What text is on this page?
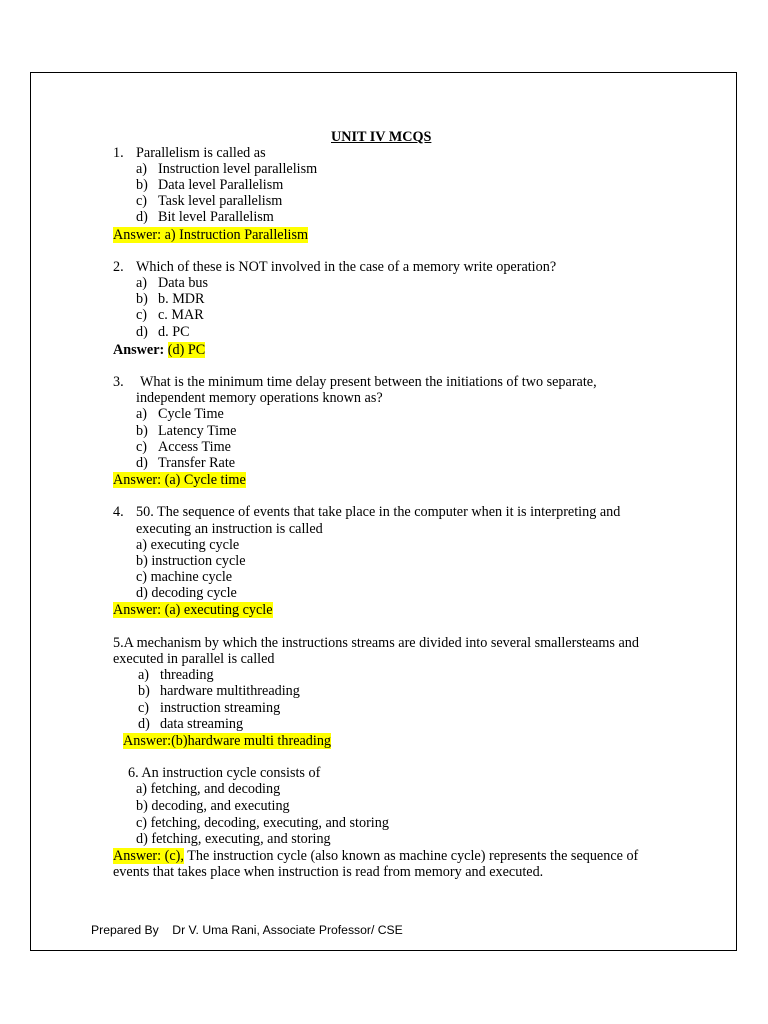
UNIT IV MCQS
1. Parallelism is called as
a) Instruction level parallelism
b) Data level Parallelism
c) Task level parallelism
d) Bit level Parallelism
Answer: a) Instruction Parallelism
2. Which of these is NOT involved in the case of a memory write operation?
a) Data bus
b) b. MDR
c) c. MAR
d) d. PC
Answer: (d) PC
3. What is the minimum time delay present between the initiations of two separate,
independent memory operations known as?
a) Cycle Time
b) Latency Time
c) Access Time
d) Transfer Rate
Answer: (a) Cycle time
4. 50. The sequence of events that take place in the computer when it is interpreting and
executing an instruction is called
a) executing cycle
b) instruction cycle
c) machine cycle
d) decoding cycle
Answer: (a) executing cycle
5.A mechanism by which the instructions streams are divided into several smallersteams and
executed in parallel is called
a) threading
b) hardware multithreading
c) instruction streaming
d) data streaming
Answer:(b)hardware multi threading
6. An instruction cycle consists of
a) fetching, and decoding
b) decoding, and executing
c) fetching, decoding, executing, and storing
d) fetching, executing, and storing
Answer: (c), The instruction cycle (also known as machine cycle) represents the sequence of
events that takes place when instruction is read from memory and executed.
Prepared By    Dr V. Uma Rani, Associate Professor/ CSE
